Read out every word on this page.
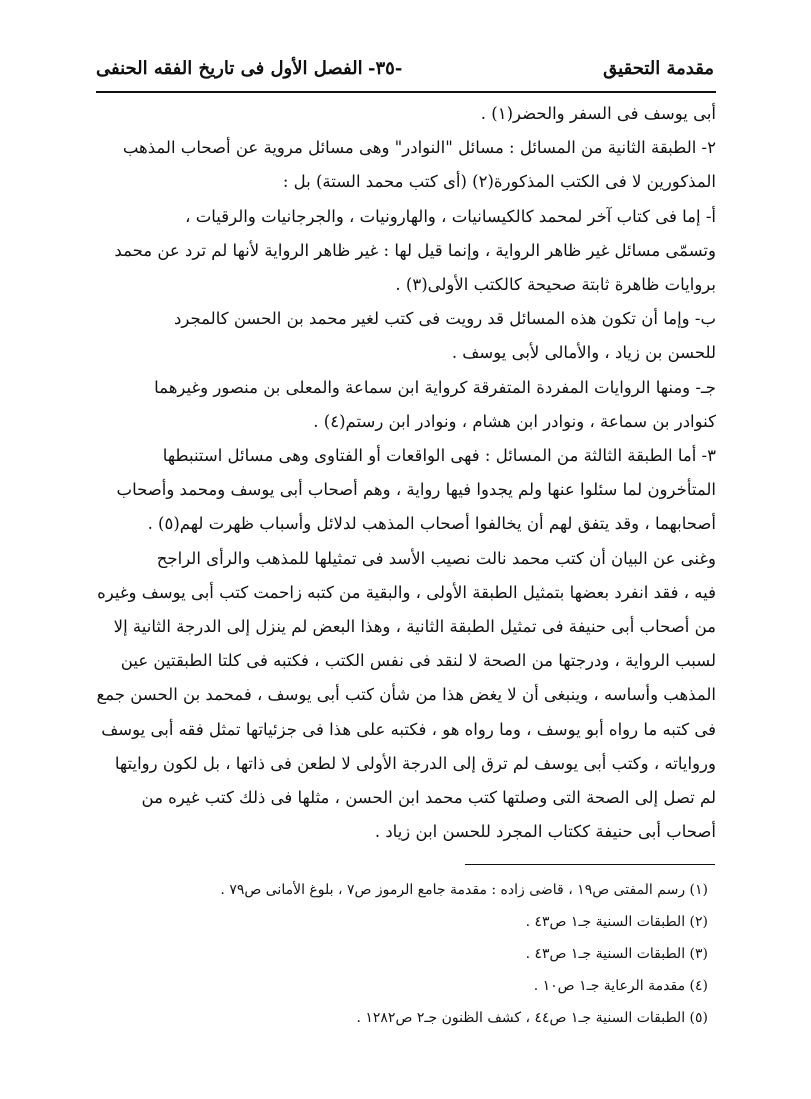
مقدمة التحقيق
-٣٥-
الفصل الأول فى تاريخ الفقه الحنفى

أبى يوسف فى السفر والحضر(١) .

٢- الطبقة الثانية من المسائل : مسائل "النوادر" وهى مسائل مروية عن أصحاب المذهب
المذكورين لا فى الكتب المذكورة(٢) (أى كتب محمد الستة) بل :

أ- إما فى كتاب آخر لمحمد كالكيسانيات ، والهارونيات ، والجرجانيات والرقيات ،
وتسمّى مسائل غير ظاهر الرواية ، وإنما قيل لها : غير ظاهر الرواية لأنها لم ترد عن محمد
بروايات ظاهرة ثابتة صحيحة كالكتب الأولى(٣) .

ب- وإما أن تكون هذه المسائل قد رويت فى كتب لغير محمد بن الحسن كالمجرد
للحسن بن زياد ، والأمالى لأبى يوسف .

جـ- ومنها الروايات المفردة المتفرقة كرواية ابن سماعة والمعلى بن منصور وغيرهما
كنوادر بن سماعة ، ونوادر ابن هشام ، ونوادر ابن رستم(٤) .

٣- أما الطبقة الثالثة من المسائل : فهى الواقعات أو الفتاوى وهى مسائل استنبطها
المتأخرون لما سئلوا عنها ولم يجدوا فيها رواية ، وهم أصحاب أبى يوسف ومحمد وأصحاب
أصحابهما ، وقد يتفق لهم أن يخالفوا أصحاب المذهب لدلائل وأسباب ظهرت لهم(٥) .

وغنى عن البيان أن كتب محمد نالت نصيب الأسد فى تمثيلها للمذهب والرأى الراجح
فيه ، فقد انفرد بعضها بتمثيل الطبقة الأولى ، والبقية من كتبه زاحمت كتب أبى يوسف وغيره
من أصحاب أبى حنيفة فى تمثيل الطبقة الثانية ، وهذا البعض لم ينزل إلى الدرجة الثانية إلا
لسبب الرواية ، ودرجتها من الصحة لا لنقد فى نفس الكتب ، فكتبه فى كلتا الطبقتين عين
المذهب وأساسه ، وينبغى أن لا يغض هذا من شأن كتب أبى يوسف ، فمحمد بن الحسن جمع
فى كتبه ما رواه أبو يوسف ، وما رواه هو ، فكتبه على هذا فى جزئياتها تمثل فقه أبى يوسف
ورواياته ، وكتب أبى يوسف لم ترق إلى الدرجة الأولى لا لطعن فى ذاتها ، بل لكون روايتها
لم تصل إلى الصحة التى وصلتها كتب محمد ابن الحسن ، مثلها فى ذلك كتب غيره من
أصحاب أبى حنيفة ككتاب المجرد للحسن ابن زياد .

(١) رسم المفتى ص١٩ ، قاضى زاده : مقدمة جامع الرموز ص٧ ، بلوغ الأمانى ص٧٩ .

(٢) الطبقات السنية جـ١ ص٤٣ .

(٣) الطبقات السنية جـ١ ص٤٣ .

(٤) مقدمة الرعاية جـ١ ص١٠ .

(٥) الطبقات السنية جـ١ ص٤٤ ، كشف الظنون جـ٢ ص١٢٨٢ .
